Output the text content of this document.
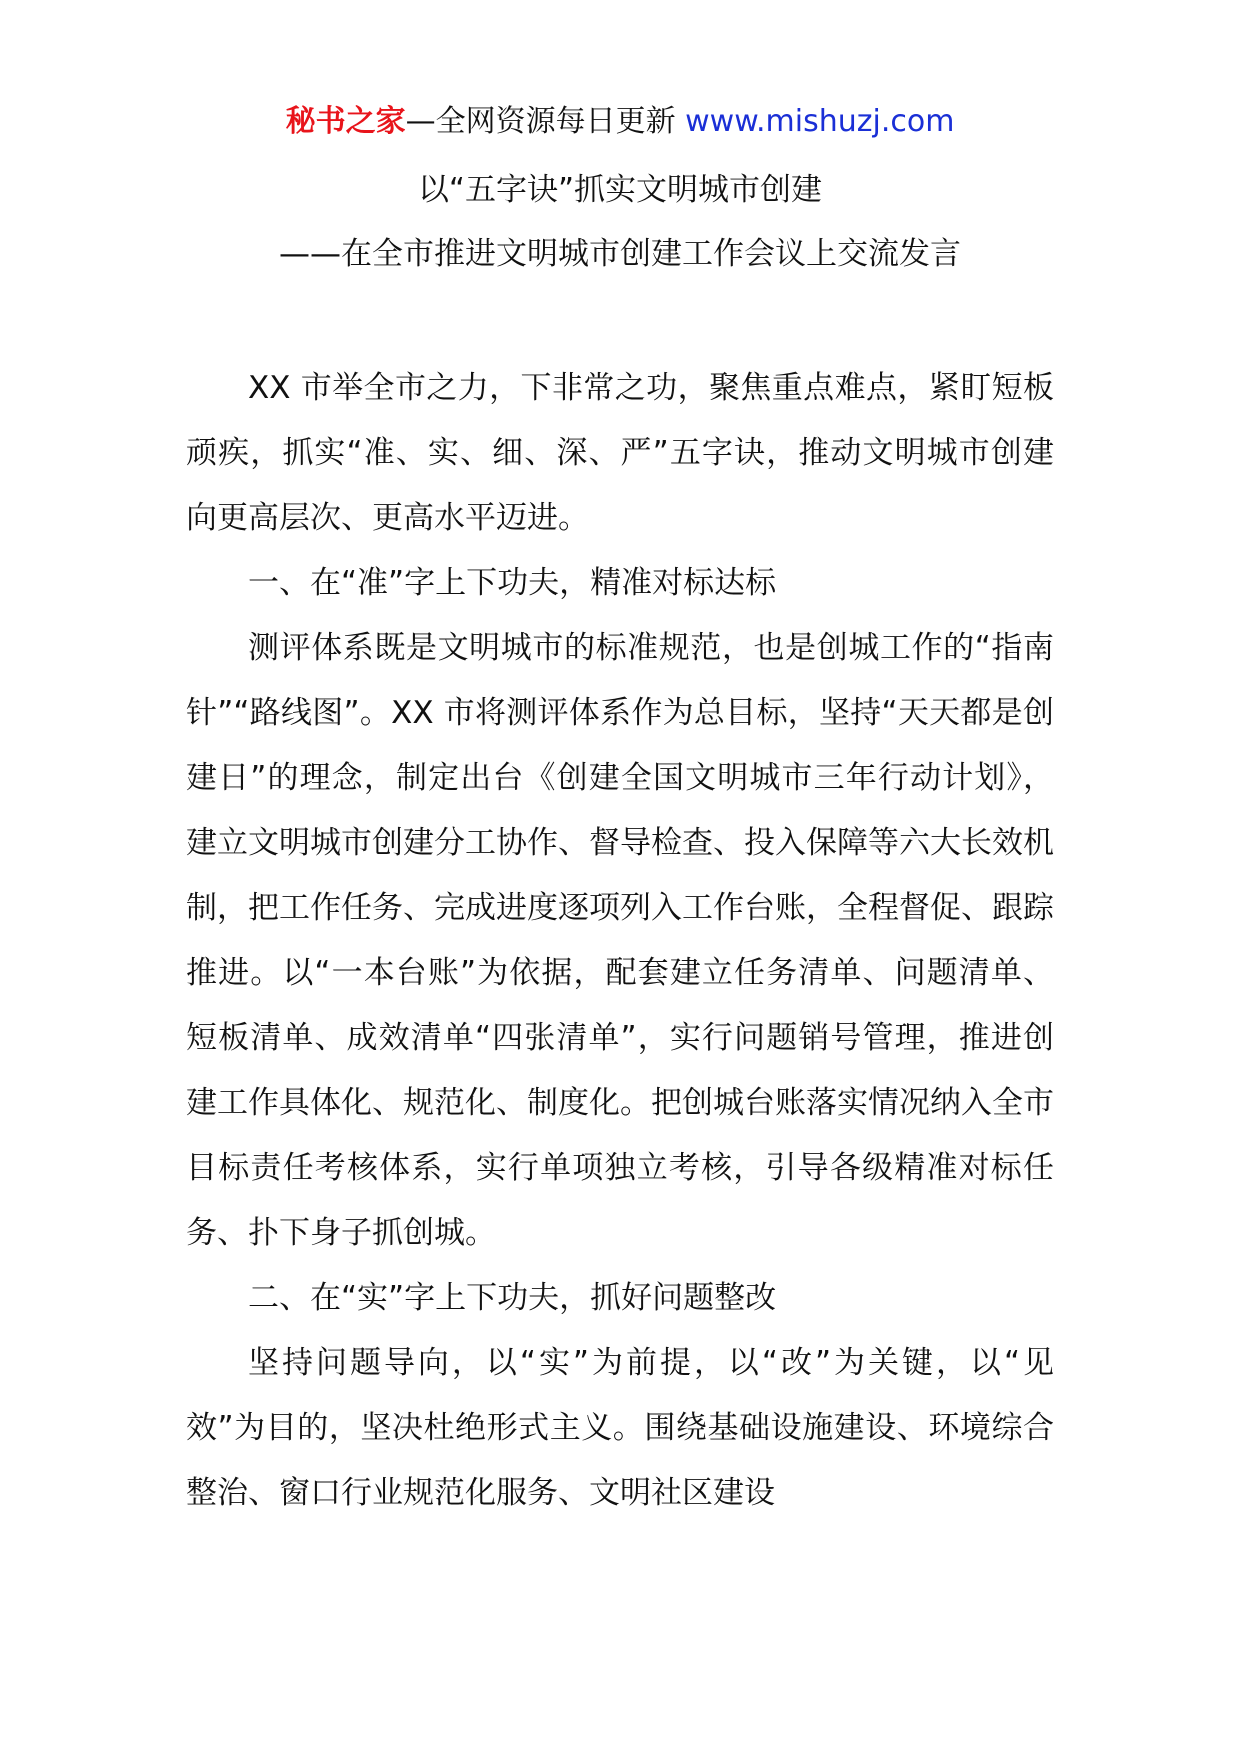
秘书之家—全网资源每日更新 www.mishuzj.com
以“五字诀”抓实文明城市创建
——在全市推进文明城市创建工作会议上交流发言

XX 市举全市之力，下非常之功，聚焦重点难点，紧盯短板顽疾，抓实“准、实、细、深、严”五字诀，推动文明城市创建向更高层次、更高水平迈进。

一、在“准”字上下功夫，精准对标达标

测评体系既是文明城市的标准规范，也是创城工作的“指南针”“路线图”。XX 市将测评体系作为总目标，坚持“天天都是创建日”的理念，制定出台《创建全国文明城市三年行动计划》，建立文明城市创建分工协作、督导检查、投入保障等六大长效机制，把工作任务、完成进度逐项列入工作台账，全程督促、跟踪推进。以“一本台账”为依据，配套建立任务清单、问题清单、短板清单、成效清单“四张清单”，实行问题销号管理，推进创建工作具体化、规范化、制度化。把创城台账落实情况纳入全市目标责任考核体系，实行单项独立考核，引导各级精准对标任务、扑下身子抓创城。

二、在“实”字上下功夫，抓好问题整改

坚持问题导向，以“实”为前提，以“改”为关键，以“见效”为目的，坚决杜绝形式主义。围绕基础设施建设、环境综合整治、窗口行业规范化服务、文明社区建设
